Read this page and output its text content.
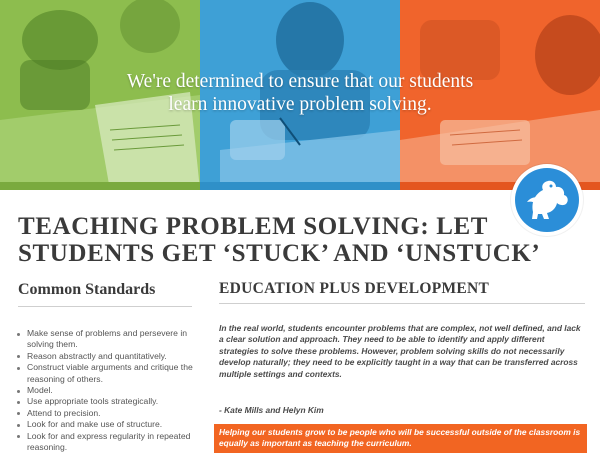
We're determined to ensure that our students
learn innovative problem solving.
TEACHING PROBLEM SOLVING: LET
STUDENTS GET ‘STUCK’ AND ‘UNSTUCK’
Common Standards
Make sense of problems and persevere in solving them.
Reason abstractly and quantitatively.
Construct viable arguments and critique the reasoning of others.
Model.
Use appropriate tools strategically.
Attend to precision.
Look for and make use of structure.
Look for and express regularity in repeated reasoning.
EDUCATION PLUS DEVELOPMENT

In the real world, students encounter problems that are complex, not well defined, and lack a clear solution and approach. They need to be able to identify and apply different strategies to solve these problems. However, problem solving skills do not necessarily develop naturally; they need to be explicitly taught in a way that can be transferred across multiple settings and contexts.

- Kate Mills and Helyn Kim

Helping our students grow to be people who will be successful outside of the classroom is equally as important as teaching the curriculum.
